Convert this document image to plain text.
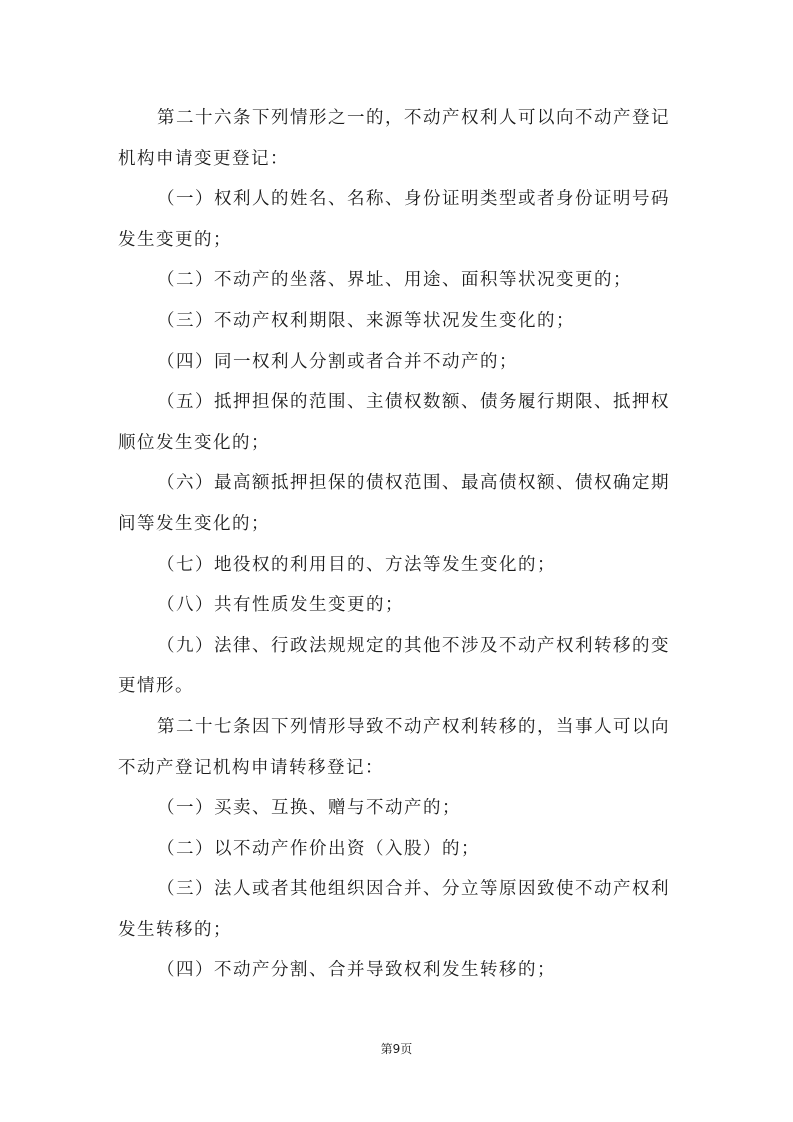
第二十六条下列情形之一的，不动产权利人可以向不动产登记
机构申请变更登记：
（一）权利人的姓名、名称、身份证明类型或者身份证明号码
发生变更的；
（二）不动产的坐落、界址、用途、面积等状况变更的；
（三）不动产权利期限、来源等状况发生变化的；
（四）同一权利人分割或者合并不动产的；
（五）抵押担保的范围、主债权数额、债务履行期限、抵押权
顺位发生变化的；
（六）最高额抵押担保的债权范围、最高债权额、债权确定期
间等发生变化的；
（七）地役权的利用目的、方法等发生变化的；
（八）共有性质发生变更的；
（九）法律、行政法规规定的其他不涉及不动产权利转移的变
更情形。
第二十七条因下列情形导致不动产权利转移的，当事人可以向
不动产登记机构申请转移登记：
（一）买卖、互换、赠与不动产的；
（二）以不动产作价出资（入股）的；
（三）法人或者其他组织因合并、分立等原因致使不动产权利
发生转移的；
（四）不动产分割、合并导致权利发生转移的；
第9页
